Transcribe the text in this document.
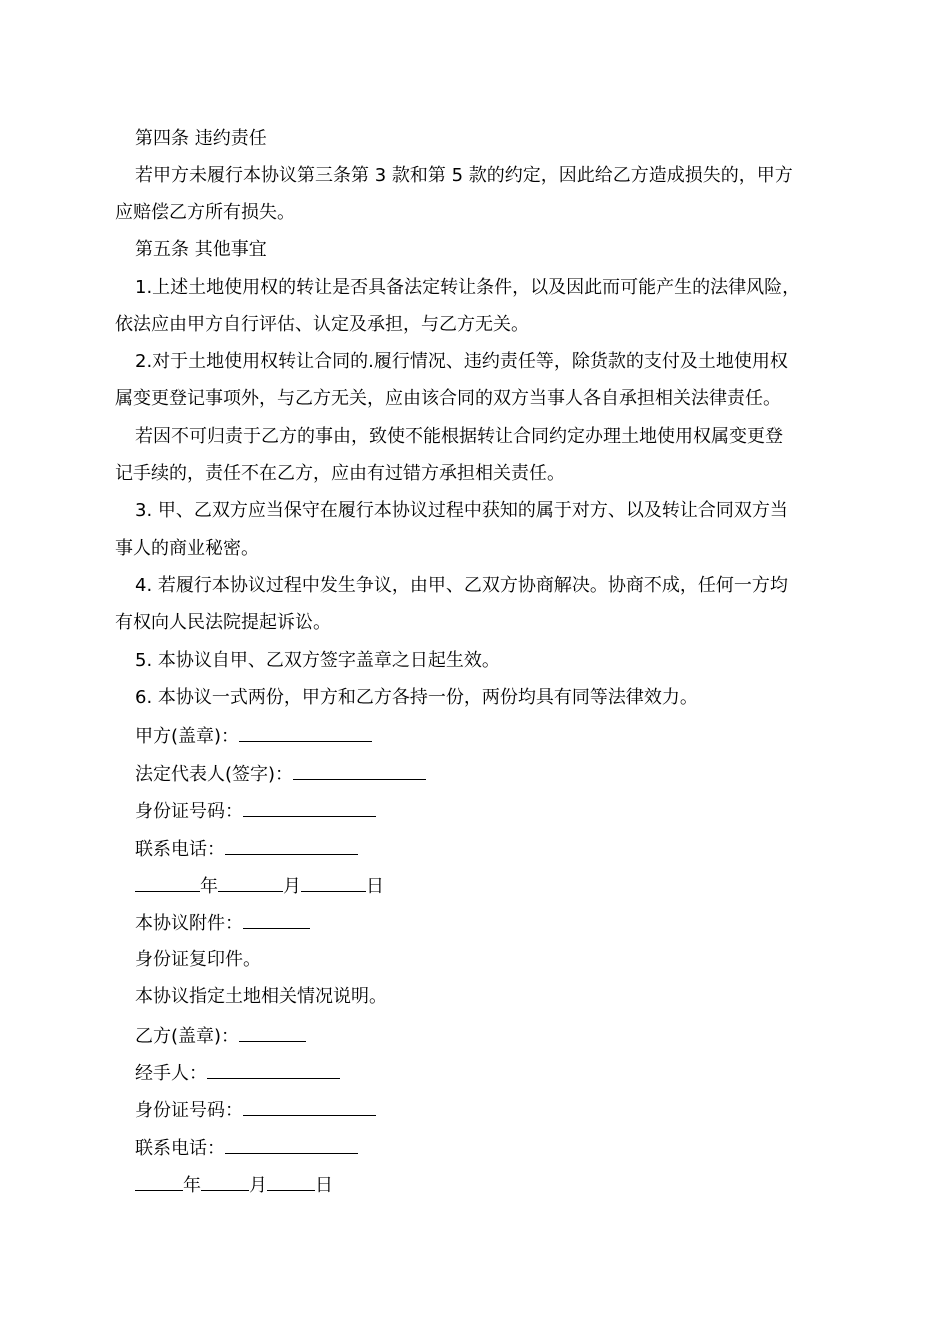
第四条 违约责任
若甲方未履行本协议第三条第 3 款和第 5 款的约定，因此给乙方造成损失的，甲方
应赔偿乙方所有损失。
第五条 其他事宜
1.上述土地使用权的转让是否具备法定转让条件，以及因此而可能产生的法律风险，
依法应由甲方自行评估、认定及承担，与乙方无关。
2.对于土地使用权转让合同的.履行情况、违约责任等，除货款的支付及土地使用权
属变更登记事项外，与乙方无关，应由该合同的双方当事人各自承担相关法律责任。
若因不可归责于乙方的事由，致使不能根据转让合同约定办理土地使用权属变更登
记手续的，责任不在乙方，应由有过错方承担相关责任。
3. 甲、乙双方应当保守在履行本协议过程中获知的属于对方、以及转让合同双方当
事人的商业秘密。
4. 若履行本协议过程中发生争议，由甲、乙双方协商解决。协商不成，任何一方均
有权向人民法院提起诉讼。
5. 本协议自甲、乙双方签字盖章之日起生效。
6. 本协议一式两份，甲方和乙方各持一份，两份均具有同等法律效力。
甲方(盖章)：
法定代表人(签字)：
身份证号码：
联系电话：
年	月	日
本协议附件：
身份证复印件。
本协议指定土地相关情况说明。
乙方(盖章)：
经手人：
身份证号码：
联系电话：
年	月	日
